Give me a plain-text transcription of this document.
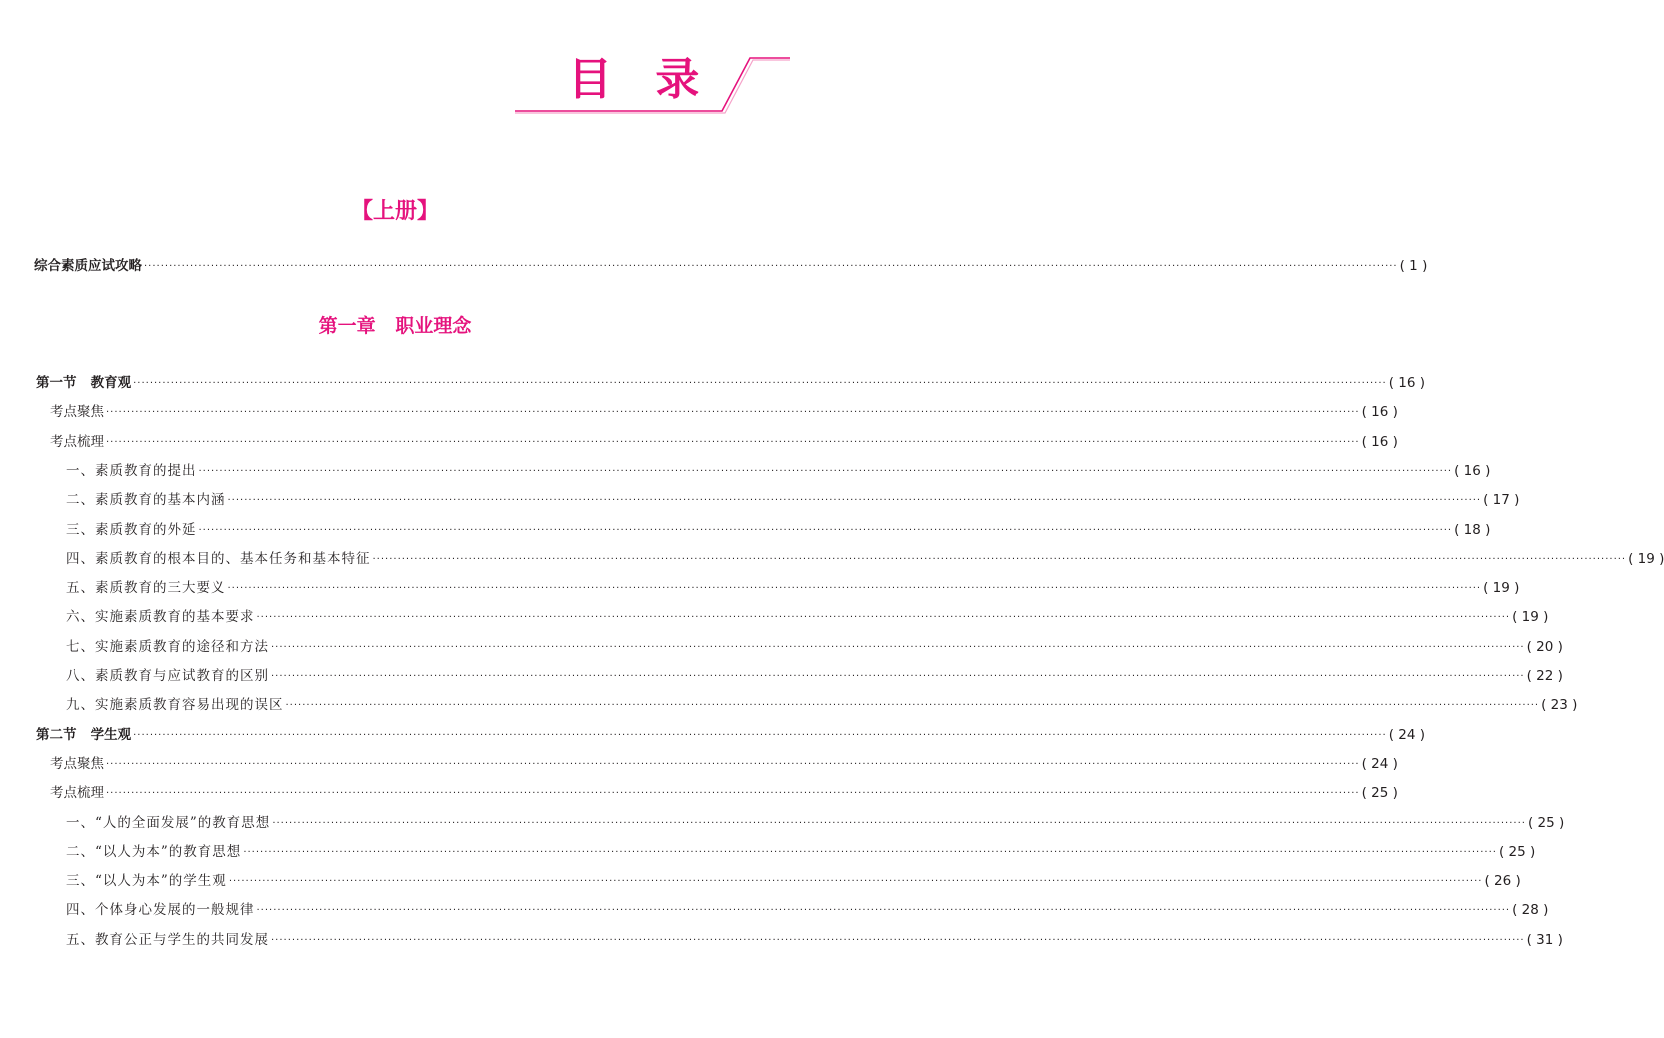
目 录
【上册】
综合素质应试攻略 ············································································································································································································································································································ ( 1 )
第一章   职业理念
第一节   教育观 ············································································································································································································································································································ ( 16 )
考点聚焦 ············································································································································································································································································································ ( 16 )
考点梳理 ············································································································································································································································································································ ( 16 )
一、素质教育的提出 ············································································································································································································································································································ ( 16 )
二、素质教育的基本内涵 ············································································································································································································································································································ ( 17 )
三、素质教育的外延 ············································································································································································································································································································ ( 18 )
四、素质教育的根本目的、基本任务和基本特征 ············································································································································································································································································································ ( 19 )
五、素质教育的三大要义 ············································································································································································································································································································ ( 19 )
六、实施素质教育的基本要求 ············································································································································································································································································································ ( 19 )
七、实施素质教育的途径和方法 ············································································································································································································································································································ ( 20 )
八、素质教育与应试教育的区别 ············································································································································································································································································································ ( 22 )
九、实施素质教育容易出现的误区 ············································································································································································································································································································ ( 23 )
第二节   学生观 ············································································································································································································································································································ ( 24 )
考点聚焦 ············································································································································································································································································································ ( 24 )
考点梳理 ············································································································································································································································································································ ( 25 )
一、“人的全面发展”的教育思想 ············································································································································································································································································································ ( 25 )
二、“以人为本”的教育思想 ············································································································································································································································································································ ( 25 )
三、“以人为本”的学生观 ············································································································································································································································································································ ( 26 )
四、个体身心发展的一般规律 ············································································································································································································································································································ ( 28 )
五、教育公正与学生的共同发展 ············································································································································································································································································································ ( 31 )
